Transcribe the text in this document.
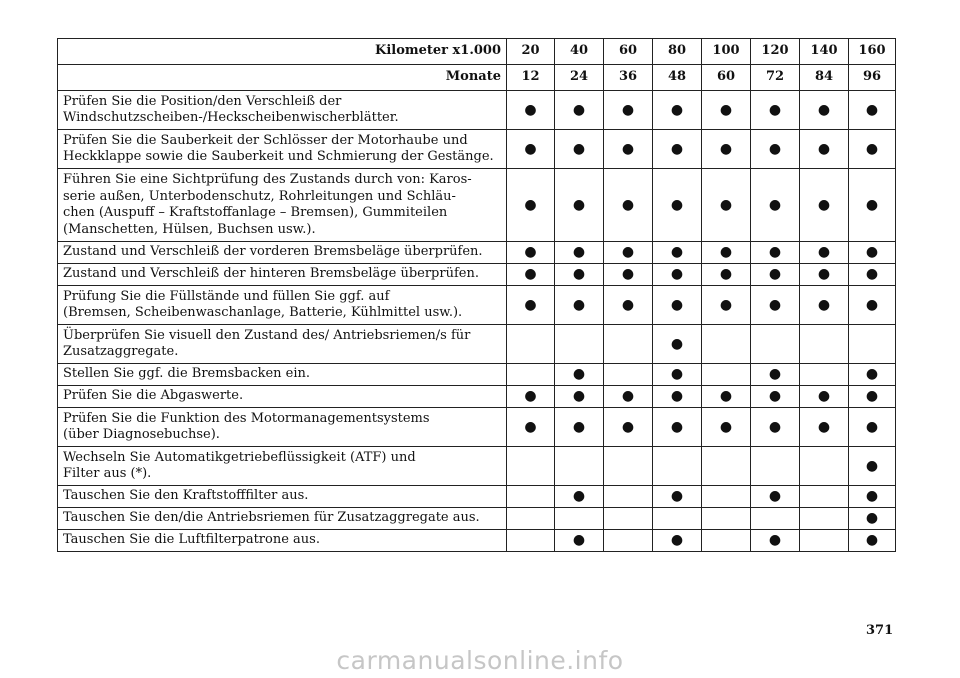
Kilometer x1.000	20	40	60	80	100	120	140	160
Monate	12	24	36	48	60	72	84	96
Prüfen Sie die Position/den Verschleiß der
Windschutzscheiben-/Heckscheibenwischerblätter.	●	●	●	●	●	●	●	●
Prüfen Sie die Sauberkeit der Schlösser der Motorhaube und
Heckklappe sowie die Sauberkeit und Schmierung der Gestänge.	●	●	●	●	●	●	●	●
Führen Sie eine Sichtprüfung des Zustands durch von: Karos-
serie außen, Unterbodenschutz, Rohrleitungen und Schläu-
chen (Auspuff – Kraftstoffanlage – Bremsen), Gummiteilen
(Manschetten, Hülsen, Buchsen usw.).	●	●	●	●	●	●	●	●
Zustand und Verschleiß der vorderen Bremsbeläge überprüfen.	●	●	●	●	●	●	●	●
Zustand und Verschleiß der hinteren Bremsbeläge überprüfen.	●	●	●	●	●	●	●	●
Prüfung Sie die Füllstände und füllen Sie ggf. auf
(Bremsen, Scheibenwaschanlage, Batterie, Kühlmittel usw.).	●	●	●	●	●	●	●	●
Überprüfen Sie visuell den Zustand des/ Antriebsriemen/s für
Zusatzaggregate.				●				
Stellen Sie ggf. die Bremsbacken ein.		●		●		●		●
Prüfen Sie die Abgaswerte.	●	●	●	●	●	●	●	●
Prüfen Sie die Funktion des Motormanagementsystems
(über Diagnosebuchse).	●	●	●	●	●	●	●	●
Wechseln Sie Automatikgetriebeflüssigkeit (ATF) und
Filter aus (*).								●
Tauschen Sie den Kraftstofffilter aus.		●		●		●		●
Tauschen Sie den/die Antriebsriemen für Zusatzaggregate aus.								●
Tauschen Sie die Luftfilterpatrone aus.		●		●		●		●
371
carmanualsonline.info
